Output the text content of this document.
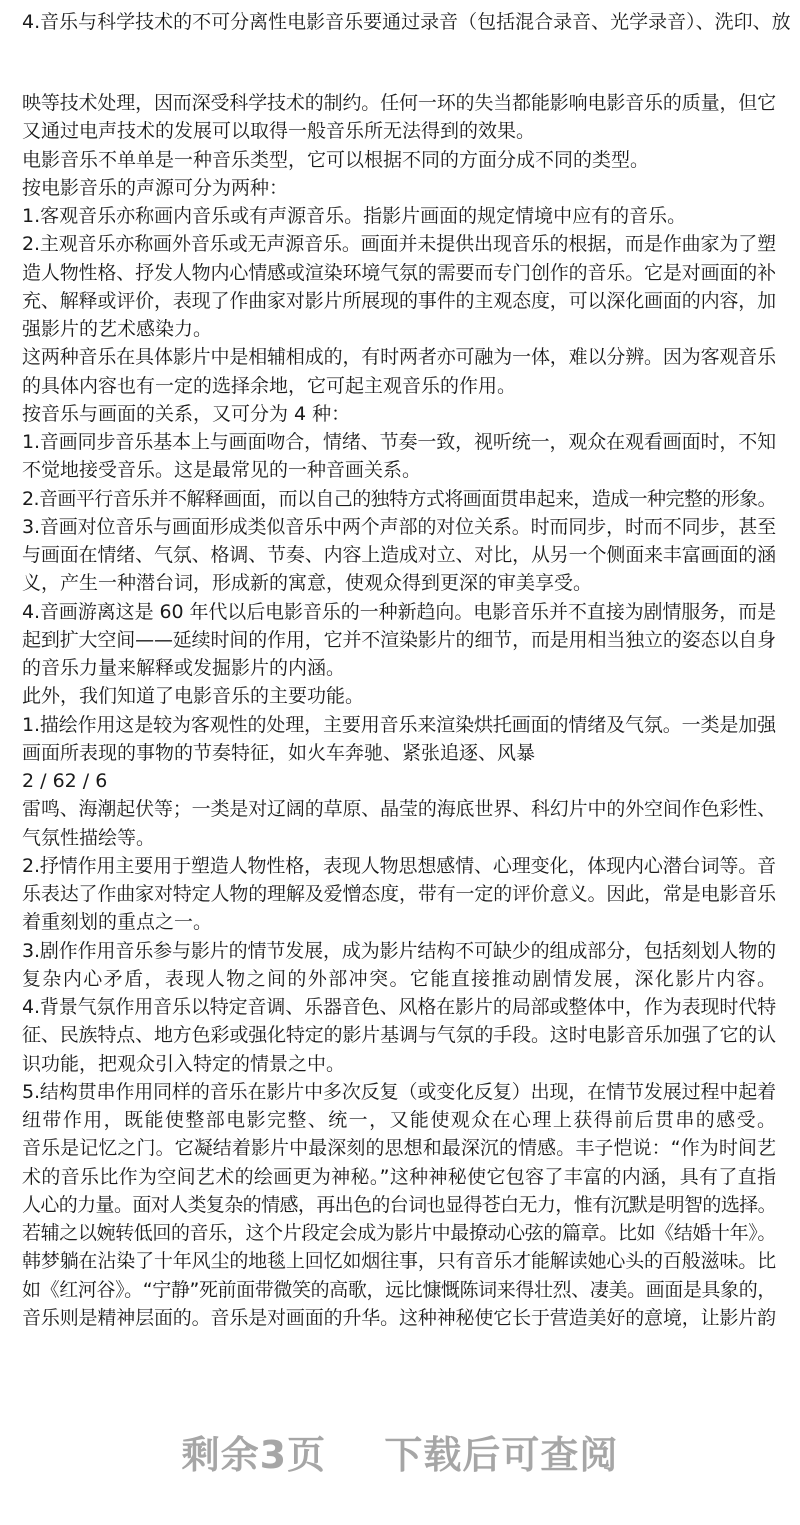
4.音乐与科学技术的不可分离性电影音乐要通过录音（包括混合录音、光学录音）、洗印、放
映等技术处理，因而深受科学技术的制约。任何一环的失当都能影响电影音乐的质量，但它
又通过电声技术的发展可以取得一般音乐所无法得到的效果。
电影音乐不单单是一种音乐类型，它可以根据不同的方面分成不同的类型。
按电影音乐的声源可分为两种：
1.客观音乐亦称画内音乐或有声源音乐。指影片画面的规定情境中应有的音乐。
2.主观音乐亦称画外音乐或无声源音乐。画面并未提供出现音乐的根据，而是作曲家为了塑
造人物性格、抒发人物内心情感或渲染环境气氛的需要而专门创作的音乐。它是对画面的补
充、解释或评价，表现了作曲家对影片所展现的事件的主观态度，可以深化画面的内容，加
强影片的艺术感染力。
这两种音乐在具体影片中是相辅相成的，有时两者亦可融为一体，难以分辨。因为客观音乐
的具体内容也有一定的选择余地，它可起主观音乐的作用。
按音乐与画面的关系，又可分为 4 种：
1.音画同步音乐基本上与画面吻合，情绪、节奏一致，视听统一，观众在观看画面时，不知
不觉地接受音乐。这是最常见的一种音画关系。
2.音画平行音乐并不解释画面，而以自己的独特方式将画面贯串起来，造成一种完整的形象。
3.音画对位音乐与画面形成类似音乐中两个声部的对位关系。时而同步，时而不同步，甚至
与画面在情绪、气氛、格调、节奏、内容上造成对立、对比，从另一个侧面来丰富画面的涵
义，产生一种潜台词，形成新的寓意，使观众得到更深的审美享受。
4.音画游离这是 60 年代以后电影音乐的一种新趋向。电影音乐并不直接为剧情服务，而是
起到扩大空间——延续时间的作用，它并不渲染影片的细节，而是用相当独立的姿态以自身
的音乐力量来解释或发掘影片的内涵。
此外，我们知道了电影音乐的主要功能。
1.描绘作用这是较为客观性的处理，主要用音乐来渲染烘托画面的情绪及气氛。一类是加强
画面所表现的事物的节奏特征，如火车奔驰、紧张追逐、风暴
2 / 62 / 6
雷鸣、海潮起伏等；一类是对辽阔的草原、晶莹的海底世界、科幻片中的外空间作色彩性、
气氛性描绘等。
2.抒情作用主要用于塑造人物性格，表现人物思想感情、心理变化，体现内心潜台词等。音
乐表达了作曲家对特定人物的理解及爱憎态度，带有一定的评价意义。因此，常是电影音乐
着重刻划的重点之一。
3.剧作作用音乐参与影片的情节发展，成为影片结构不可缺少的组成部分，包括刻划人物的
复杂内心矛盾，表现人物之间的外部冲突。它能直接推动剧情发展，深化影片内容。
4.背景气氛作用音乐以特定音调、乐器音色、风格在影片的局部或整体中，作为表现时代特
征、民族特点、地方色彩或强化特定的影片基调与气氛的手段。这时电影音乐加强了它的认
识功能，把观众引入特定的情景之中。
5.结构贯串作用同样的音乐在影片中多次反复（或变化反复）出现，在情节发展过程中起着
纽带作用，既能使整部电影完整、统一，又能使观众在心理上获得前后贯串的感受。
音乐是记忆之门。它凝结着影片中最深刻的思想和最深沉的情感。丰子恺说：“作为时间艺
术的音乐比作为空间艺术的绘画更为神秘。”这种神秘使它包容了丰富的内涵，具有了直指
人心的力量。面对人类复杂的情感，再出色的台词也显得苍白无力，惟有沉默是明智的选择。
若辅之以婉转低回的音乐，这个片段定会成为影片中最撩动心弦的篇章。比如《结婚十年》。
韩梦躺在沾染了十年风尘的地毯上回忆如烟往事，只有音乐才能解读她心头的百般滋味。比
如《红河谷》。“宁静”死前面带微笑的高歌，远比慷慨陈词来得壮烈、凄美。画面是具象的，
音乐则是精神层面的。音乐是对画面的升华。这种神秘使它长于营造美好的意境，让影片韵
剩余3页 下载后可查阅
